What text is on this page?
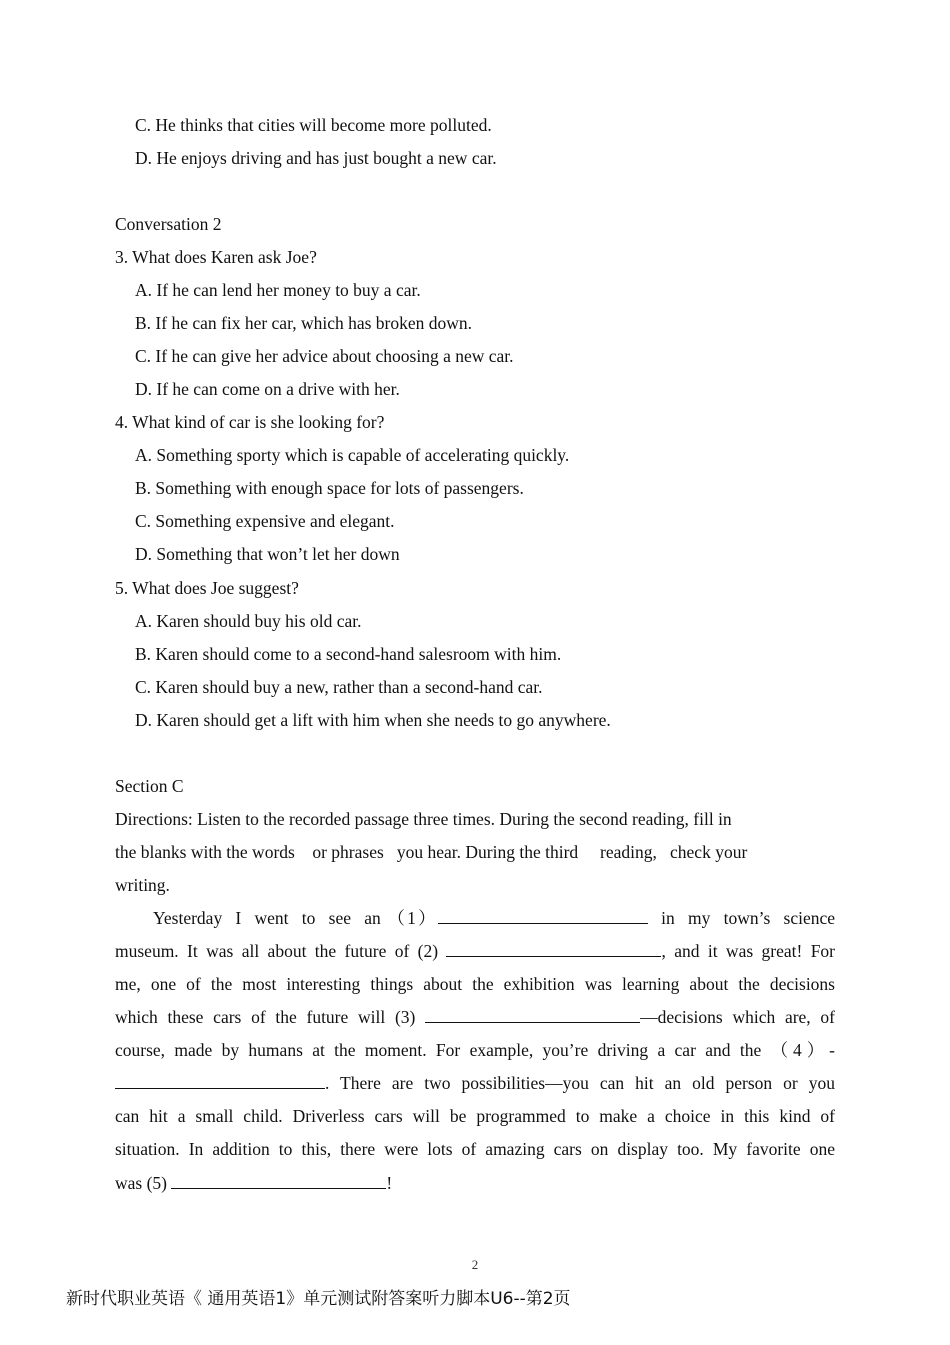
C. He thinks that cities will become more polluted.
D. He enjoys driving and has just bought a new car.
Conversation 2
3. What does Karen ask Joe?
A. If he can lend her money to buy a car.
B. If he can fix her car, which has broken down.
C. If he can give her advice about choosing a new car.
D. If he can come on a drive with her.
4. What kind of car is she looking for?
A. Something sporty which is capable of accelerating quickly.
B. Something with enough space for lots of passengers.
C. Something expensive and elegant.
D. Something that won’t let her down
5. What does Joe suggest?
A. Karen should buy his old car.
B. Karen should come to a second-hand salesroom with him.
C. Karen should buy a new, rather than a second-hand car.
D. Karen should get a lift with him when she needs to go anywhere.
Section C
Directions: Listen to the recorded passage three times. During the second reading, fill in
the blanks with the words    or phrases   you hear. During the third     reading,   check your
writing.
Yesterday  I  went  to  see  an （1）	in  my  town’s  science
museum. It was all about the future of (2)	, and it was great! For
me, one of the most interesting things about the exhibition was learning about the decisions
which these cars of the future will (3)	—decisions which are, of
course, made by humans at the moment. For example, you’re driving a car and the （4）-
. There are two possibilities—you can hit an old person or you
can hit a small child. Driverless cars will be programmed to make a choice in this kind of
situation. In addition to this, there were lots of amazing cars on display too. My favorite one
was (5)	!
2
新时代职业英语《 通用英语1》单元测试附答案听力脚本U6--第2页
